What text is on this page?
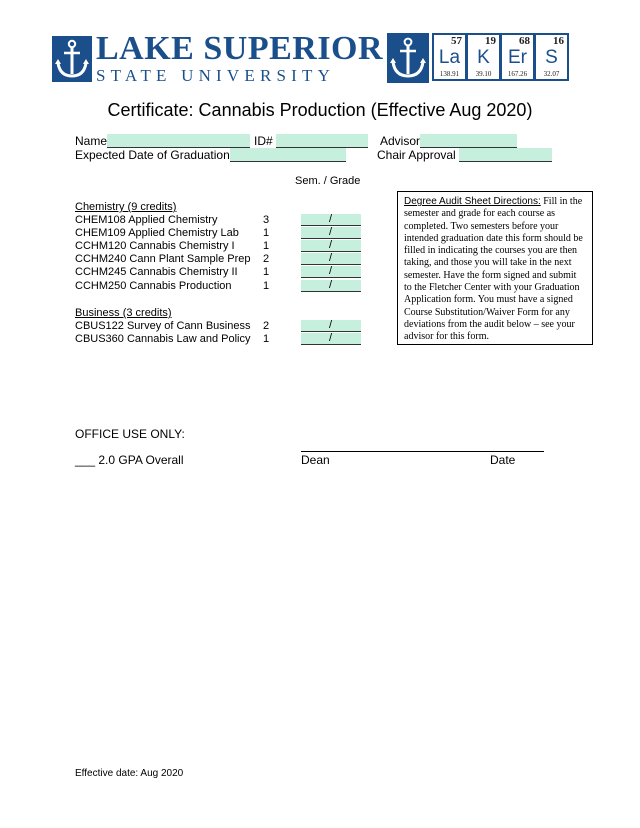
LAKE SUPERIOR
STATE UNIVERSITY
57
La
138.91
19
K
39.10
68
Er
167.26
16
S
32.07
Certificate: Cannabis Production (Effective Aug 2020)
Name	ID#	Advisor
Expected Date of Graduation	Chair Approval
Sem. / Grade
Chemistry (9 credits)
CHEM108 Applied Chemistry	3	/
CHEM109 Applied Chemistry Lab 1	/
CCHM120 Cannabis Chemistry I	1	/
CCHM240 Cann Plant Sample Prep 2	/
CCHM245 Cannabis Chemistry II 1	/
CCHM250 Cannabis Production	1	/
Business (3 credits)
CBUS122 Survey of Cann Business 2	/
CBUS360 Cannabis Law and Policy 1	/
Degree Audit Sheet Directions: Fill in the semester and grade for each course as completed. Two semesters before your intended graduation date this form should be filled in indicating the courses you are then taking, and those you will take in the next semester. Have the form signed and submit to the Fletcher Center with your Graduation Application form. You must have a signed Course Substitution/Waiver Form for any deviations from the audit below – see your advisor for this form.
OFFICE USE ONLY:
___ 2.0 GPA Overall	Dean	Date
Effective date: Aug 2020
